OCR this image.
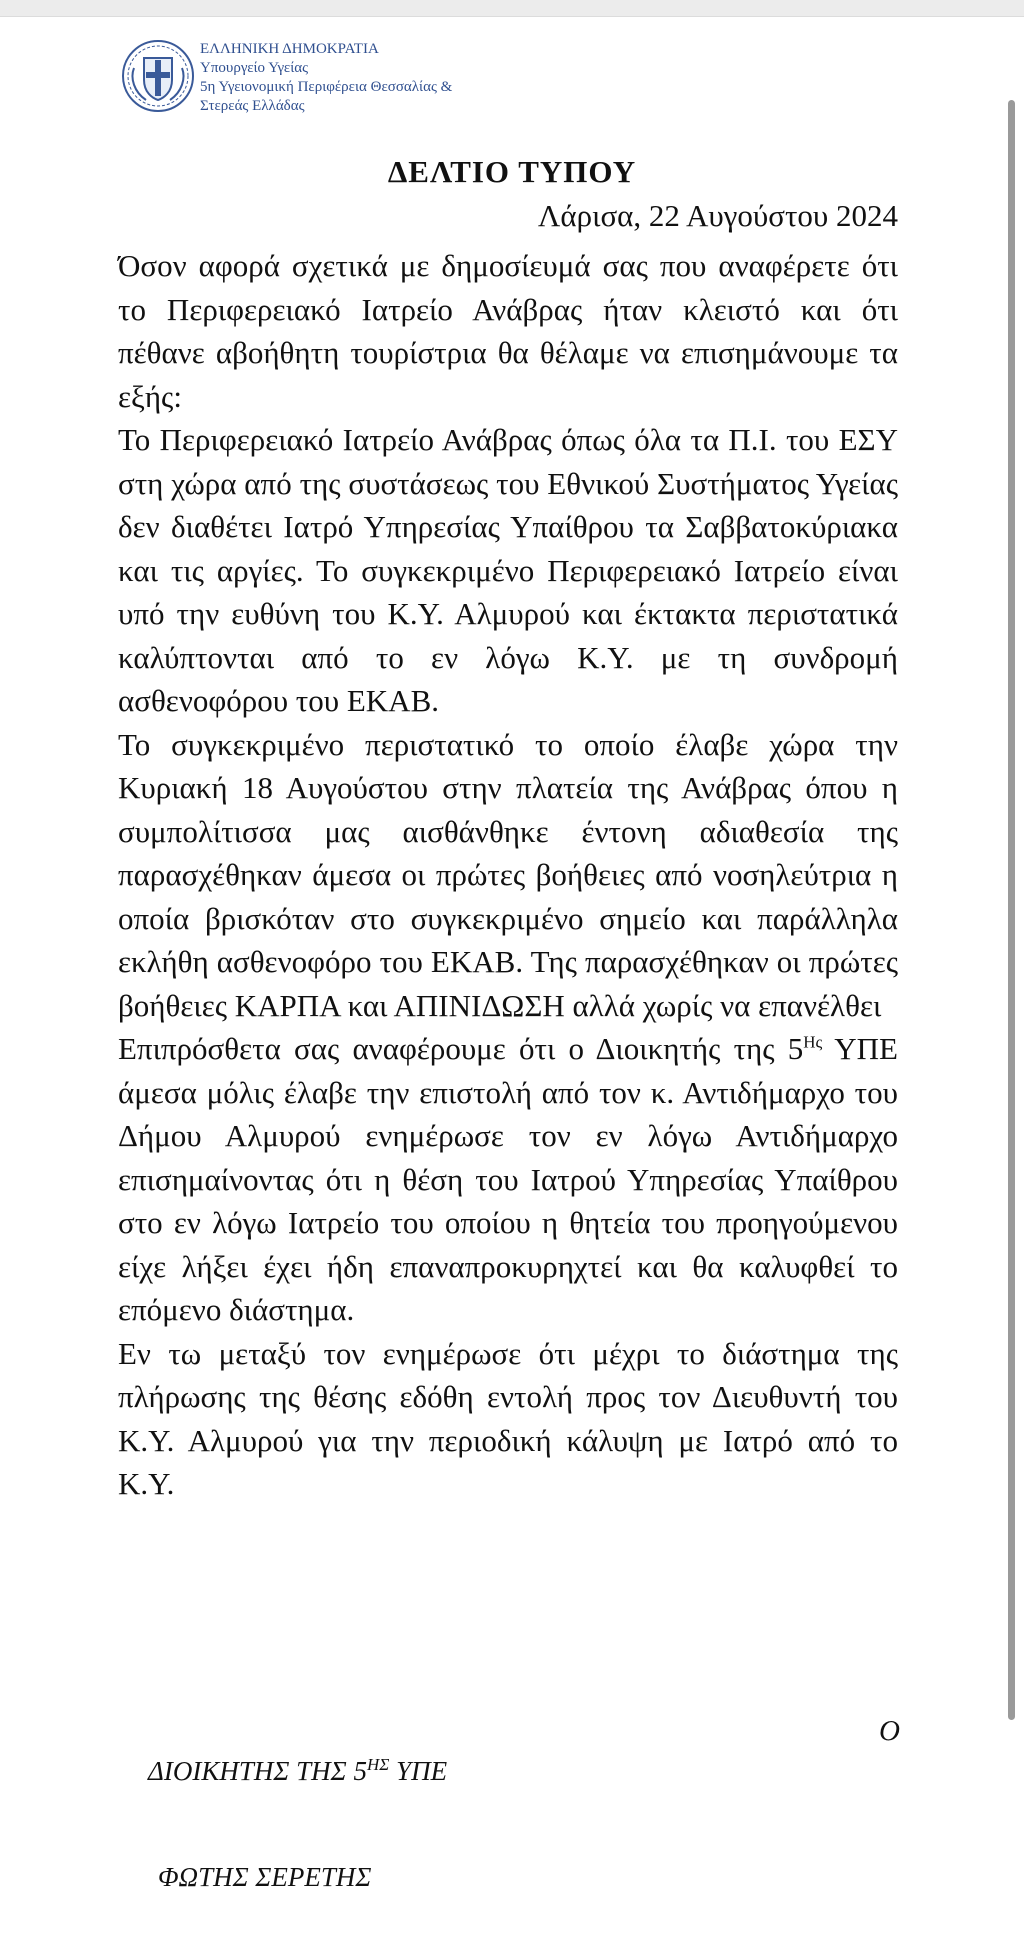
ΕΛΛΗΝΙΚΗ ΔΗΜΟΚΡΑΤΙΑ
Υπουργείο Υγείας
5η Υγειονομική Περιφέρεια Θεσσαλίας &
Στερεάς Ελλάδας
ΔΕΛΤΙΟ ΤΥΠΟΥ
Λάρισα, 22 Αυγούστου 2024

Όσον αφορά σχετικά με δημοσίευμά σας που αναφέρετε ότι το Περιφερειακό Ιατρείο Ανάβρας ήταν κλειστό και ότι πέθανε αβοήθητη τουρίστρια θα θέλαμε να επισημάνουμε τα εξής:

Το Περιφερειακό Ιατρείο Ανάβρας όπως όλα τα Π.Ι. του ΕΣΥ στη χώρα από της συστάσεως του Εθνικού Συστήματος Υγείας δεν διαθέτει Ιατρό Υπηρεσίας Υπαίθρου τα Σαββατοκύριακα και τις αργίες. Το συγκεκριμένο Περιφερειακό Ιατρείο είναι υπό την ευθύνη του Κ.Υ. Αλμυρού και έκτακτα περιστατικά καλύπτονται από το εν λόγω Κ.Υ. με τη συνδρομή ασθενοφόρου του ΕΚΑΒ.

Το συγκεκριμένο περιστατικό το οποίο έλαβε χώρα την Κυριακή 18 Αυγούστου στην πλατεία της Ανάβρας όπου η συμπολίτισσα μας αισθάνθηκε έντονη αδιαθεσία της παρασχέθηκαν άμεσα οι πρώτες βοήθειες από νοσηλεύτρια η οποία βρισκόταν στο συγκεκριμένο σημείο και παράλληλα εκλήθη ασθενοφόρο του ΕΚΑΒ. Της παρασχέθηκαν οι πρώτες βοήθειες ΚΑΡΠΑ και ΑΠΙΝΙΔΩΣΗ αλλά χωρίς να επανέλθει

Επιπρόσθετα σας αναφέρουμε ότι ο Διοικητής της $5^{H\varsigma}$ ΥΠΕ άμεσα μόλις έλαβε την επιστολή από τον κ. Αντιδήμαρχο του Δήμου Αλμυρού ενημέρωσε τον εν λόγω Αντιδήμαρχο επισημαίνοντας ότι η θέση του Ιατρού Υπηρεσίας Υπαίθρου στο εν λόγω Ιατρείο του οποίου η θητεία του προηγούμενου είχε λήξει έχει ήδη επαναπροκυρηχτεί και θα καλυφθεί το επόμενο διάστημα.

Εν τω μεταξύ τον ενημέρωσε ότι μέχρι το διάστημα της πλήρωσης της θέσης εδόθη εντολή προς τον Διευθυντή του Κ.Υ. Αλμυρού για την περιοδική κάλυψη με Ιατρό από το Κ.Υ.

Ο
ΔΙΟΙΚΗΤΗΣ ΤΗΣ $5^{H\Sigma}$ ΥΠΕ
ΦΩΤΗΣ ΣΕΡΕΤΗΣ
